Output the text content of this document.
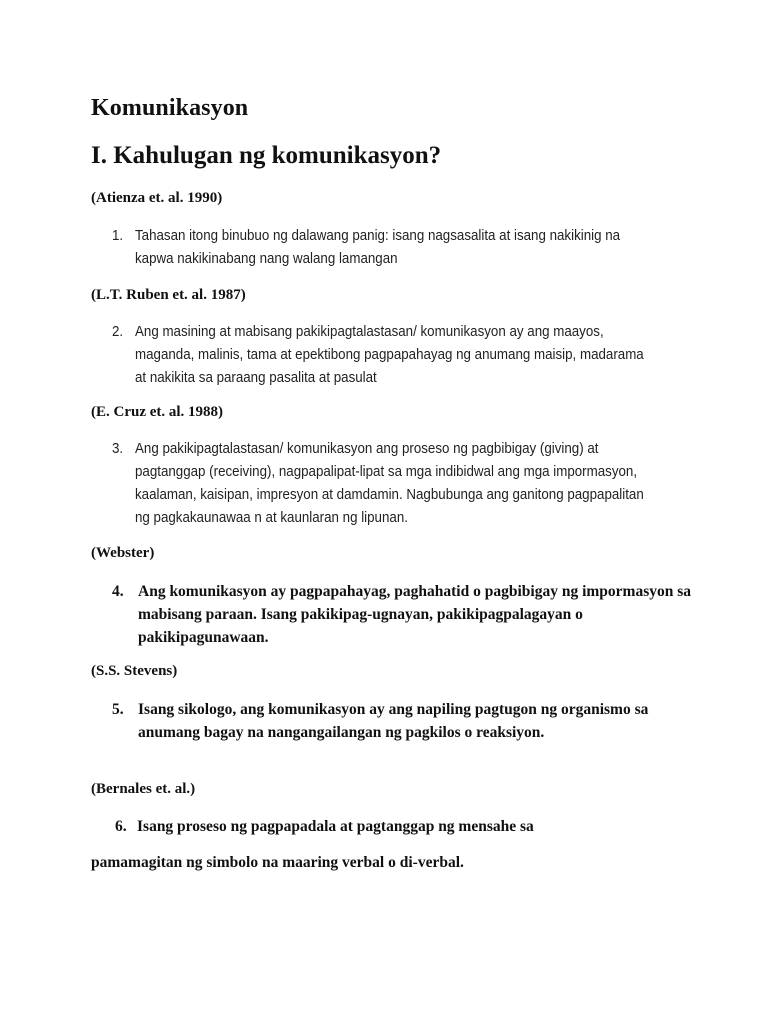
Komunikasyon
I. Kahulugan ng komunikasyon?

(Atienza et. al. 1990)

1. Tahasan itong binubuo ng dalawang panig: isang nagsasalita at isang nakikinig na kapwa nakikinabang nang walang lamangan

(L.T. Ruben et. al. 1987)

2. Ang masining at mabisang pakikipagtalastasan/ komunikasyon ay ang maayos, maganda, malinis, tama at epektibong pagpapahayag ng anumang maisip, madarama at nakikita sa paraang pasalita at pasulat

(E. Cruz et. al. 1988)

3. Ang pakikipagtalastasan/ komunikasyon ang proseso ng pagbibigay (giving) at pagtanggap (receiving), nagpapalipat-lipat sa mga indibidwal ang mga impormasyon, kaalaman, kaisipan, impresyon at damdamin. Nagbubunga ang ganitong pagpapalitan ng pagkakaunawaa n at kaunlaran ng lipunan.

(Webster)

4. Ang komunikasyon ay pagpapahayag, paghahatid o pagbibigay ng impormasyon sa mabisang paraan. Isang pakikipag-ugnayan, pakikipagpalagayan o pakikipagunawaan.

(S.S. Stevens)

5. Isang sikologo, ang komunikasyon ay ang napiling pagtugon ng organismo sa anumang bagay na nangangailangan ng pagkilos o reaksiyon.

(Bernales et. al.)

6. Isang proseso ng pagpapadala at pagtanggap ng mensahe sa

pamamagitan ng simbolo na maaring verbal o di-verbal.
